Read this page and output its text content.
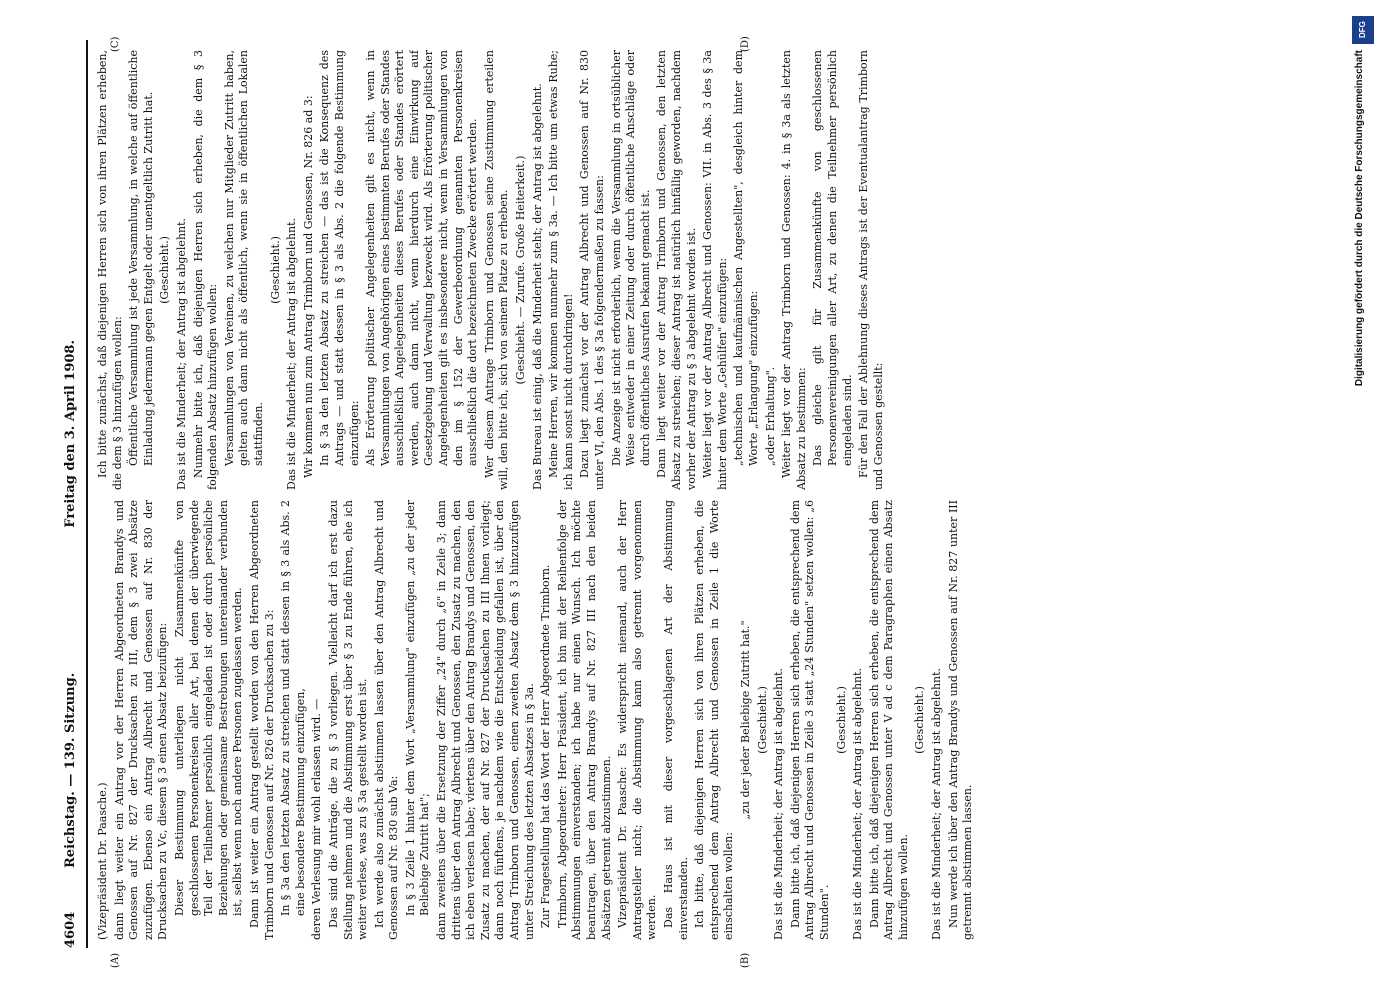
4604
Reichstag. — 139. Sitzung.
Freitag den 3. April 1908.
(A)	(B)
(C)	(D)

(Vizepräsident Dr. Paasche.) dann liegt weiter ein Antrag vor der Herren Abgeordneten Brandys und Genossen auf Nr. 827 der Drucksachen zu III, dem § 3 zwei Absätze zuzufügen. Ebenso ein Antrag Albrecht und Genossen auf Nr. 830 der Drucksachen zu Vc, diesem § 3 einen Absatz beizufügen: Dieser Bestimmung unterliegen nicht Zusammenkünfte von geschlossenen Personenkreisen aller Art, bei denen der überwiegende Teil der Teilnehmer persönlich eingeladen ist oder durch persönliche Beziehungen oder gemeinsame Bestrebungen untereinander verbunden ist, selbst wenn noch andere Personen zugelassen werden. Dann ist weiter ein Antrag gestellt worden von den Herren Abgeordneten Trimborn und Genossen auf Nr. 826 der Drucksachen zu 3: In § 3a den letzten Absatz zu streichen und statt dessen in § 3 als Abs. 2 eine besondere Bestimmung einzufügen, deren Verlesung mir wohl erlassen wird. — Das sind die Anträge, die zu § 3 vorliegen. Vielleicht darf ich erst dazu Stellung nehmen und die Abstimmung erst über § 3 zu Ende führen, ehe ich weiter verlese, was zu § 3a gestellt worden ist. Ich werde also zunächst abstimmen lassen über den Antrag Albrecht und Genossen auf Nr. 830 sub Va: In § 3 Zeile 1 hinter dem Wort „Versammlung" einzufügen „zu der jeder Beliebige Zutritt hat"; dann zweitens über die Ersetzung der Ziffer „24" durch „6" in Zeile 3; dann drittens über den Antrag Albrecht und Genossen, den Zusatz zu machen, den ich eben verlesen habe; viertens über den Antrag Brandys und Genossen, den Zusatz zu machen, der auf Nr. 827 der Drucksachen zu III Ihnen vorliegt; dann noch fünftens, je nachdem wie die Entscheidung gefallen ist, über den Antrag Trimborn und Genossen, einen zweiten Absatz dem § 3 hinzuzufügen unter Streichung des letzten Absatzes in § 3a. Zur Fragestellung hat das Wort der Herr Abgeordnete Trimborn. Trimborn, Abgeordneter: Herr Präsident, ich bin mit der Reihenfolge der Abstimmungen einverstanden; ich habe nur einen Wunsch. Ich möchte beantragen, über den Antrag Brandys auf Nr. 827 III nach den beiden Absätzen getrennt abzustimmen. Vizepräsident Dr. Paasche: Es widerspricht niemand, auch der Herr Antragsteller nicht; die Abstimmung kann also getrennt vorgenommen werden. Das Haus ist mit dieser vorgeschlagenen Art der Abstimmung einverstanden. Ich bitte, daß diejenigen Herren sich von ihren Plätzen erheben, die entsprechend dem Antrag Albrecht und Genossen in Zeile 1 die Worte einschalten wollen:

„zu der jeder Beliebige Zutritt hat." (Geschieht.) Das ist die Minderheit; der Antrag ist abgelehnt. Dann bitte ich, daß diejenigen Herren sich erheben, die entsprechend dem Antrag Albrecht und Genossen in Zeile 3 statt „24 Stunden" setzen wollen: „6 Stunden".

(Geschieht.) Das ist die Minderheit; der Antrag ist abgelehnt. Dann bitte ich, daß diejenigen Herren sich erheben, die entsprechend dem Antrag Albrecht und Genossen unter V ad c dem Paragraphen einen Absatz hinzufügen wollen.

(Geschieht.) Das ist die Minderheit; der Antrag ist abgelehnt. Nun werde ich über den Antrag Brandys und Genossen auf Nr. 827 unter III getrennt abstimmen lassen.

Ich bitte zunächst, daß diejenigen Herren sich von ihren Plätzen erheben, die dem § 3 hinzufügen wollen: Öffentliche Versammlung ist jede Versammlung, in welche auf öffentliche Einladung jedermann gegen Entgelt oder unentgeltlich Zutritt hat. (Geschieht.) Das ist die Minderheit; der Antrag ist abgelehnt. Nunmehr bitte ich, daß diejenigen Herren sich erheben, die dem § 3 folgenden Absatz hinzufügen wollen: Versammlungen von Vereinen, zu welchen nur Mitglieder Zutritt haben, gelten auch dann nicht als öffentlich, wenn sie in öffentlichen Lokalen stattfinden.

(Geschieht.) Das ist die Minderheit; der Antrag ist abgelehnt. Wir kommen nun zum Antrag Trimborn und Genossen, Nr. 826 ad 3: In § 3a den letzten Absatz zu streichen — das ist die Konsequenz des Antrags — und statt dessen in § 3 als Abs. 2 die folgende Bestimmung einzufügen: Als Erörterung politischer Angelegenheiten gilt es nicht, wenn in Versammlungen von Angehörigen eines bestimmten Berufes oder Standes ausschließlich Angelegenheiten dieses Berufes oder Standes erörtert werden, auch dann nicht, wenn hierdurch eine Einwirkung auf Gesetzgebung und Verwaltung bezweckt wird. Als Erörterung politischer Angelegenheiten gilt es insbesondere nicht, wenn in Versammlungen von den im § 152 der Gewerbeordnung genannten Personenkreisen ausschließlich die dort bezeichneten Zwecke erörtert werden. Wer diesem Antrage Trimborn und Genossen seine Zustimmung erteilen will, den bitte ich, sich von seinem Platze zu erheben. (Geschieht. — Zurufe. Große Heiterkeit.) Das Bureau ist einig, daß die Minderheit steht; der Antrag ist abgelehnt. Meine Herren, wir kommen nunmehr zum § 3a. — Ich bitte um etwas Ruhe; ich kann sonst nicht durchdringen! Dazu liegt zunächst vor der Antrag Albrecht und Genossen auf Nr. 830 unter VI, den Abs. 1 des § 3a folgendermaßen zu fassen: Die Anzeige ist nicht erforderlich, wenn die Versammlung in ortsüblicher Weise entweder in einer Zeitung oder durch öffentliche Anschläge oder durch öffentliches Ausrufen bekannt gemacht ist. Dann liegt weiter vor der Antrag Trimborn und Genossen, den letzten Absatz zu streichen; dieser Antrag ist natürlich hinfällig geworden, nachdem vorher der Antrag zu § 3 abgelehnt worden ist. Weiter liegt vor der Antrag Albrecht und Genossen: VII. in Abs. 3 des § 3a hinter dem Worte „Gehülfen" einzufügen: „technischen und kaufmännischen Angestellten", desgleich hinter dem Worte „Erlangung" einzufügen: „oder Erhaltung". Weiter liegt vor der Antrag Trimborn und Genossen: 4. in § 3a als letzten Absatz zu bestimmen: Das gleiche gilt für Zusammenkünfte von geschlossenen Personenvereinigungen aller Art, zu denen die Teilnehmer persönlich eingeladen sind. Für den Fall der Ablehnung dieses Antrags ist der Eventualantrag Trimborn und Genossen gestellt:

DFG
Digitalisierung gefördert durch die Deutsche Forschungsgemeinschaft
